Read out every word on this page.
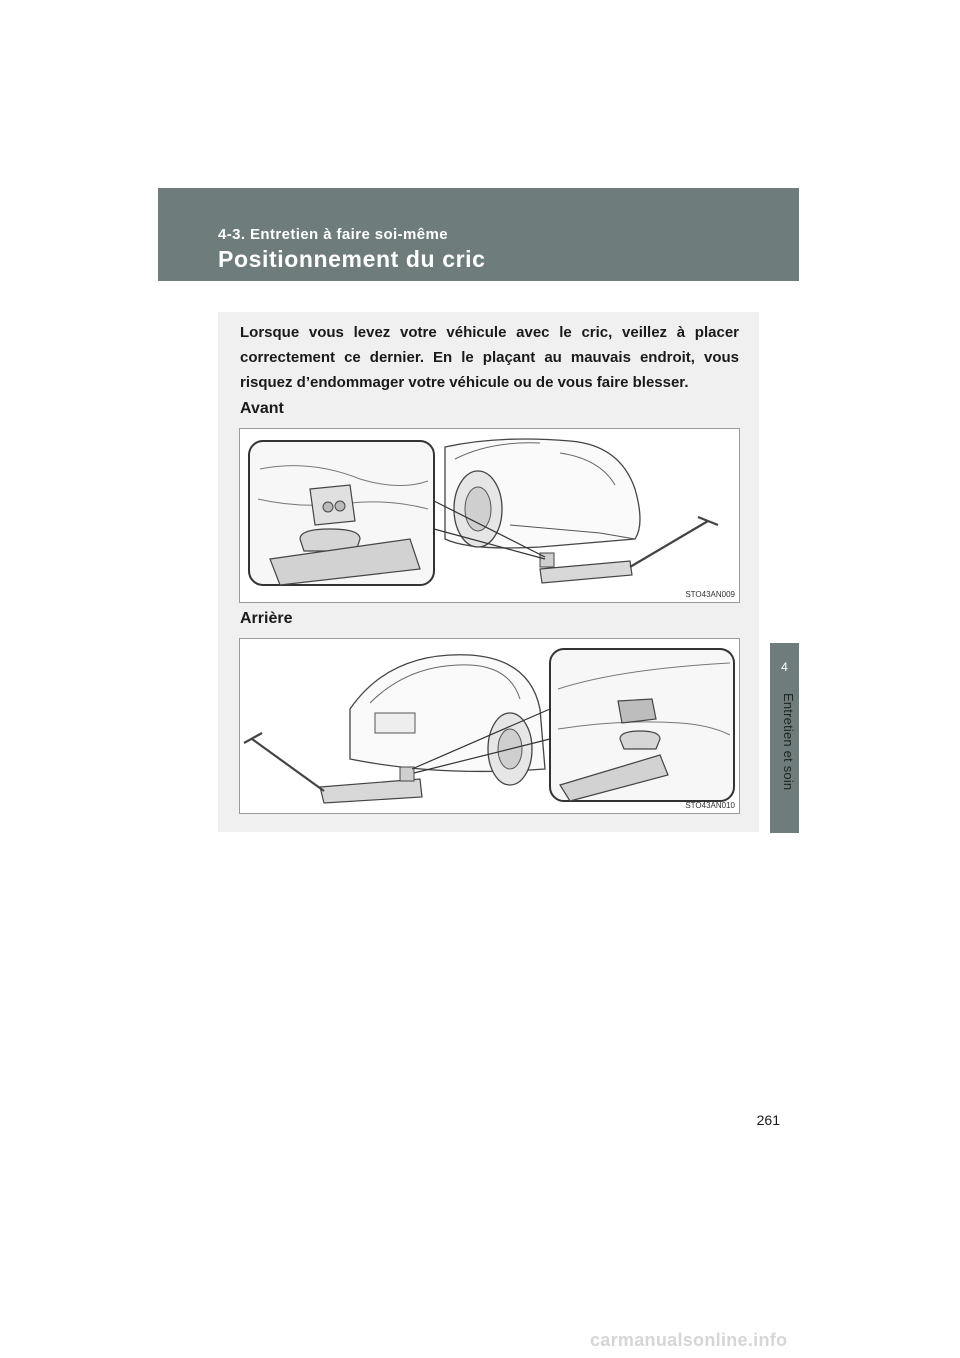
4-3. Entretien à faire soi-même
Positionnement du cric
4
Entretien et soin
Lorsque vous levez votre véhicule avec le cric, veillez à placer correctement ce dernier. En le plaçant au mauvais endroit, vous risquez d’endommager votre véhicule ou de vous faire blesser.
Avant
STO43AN009
Arrière
STO43AN010
261
carmanualsonline.info
